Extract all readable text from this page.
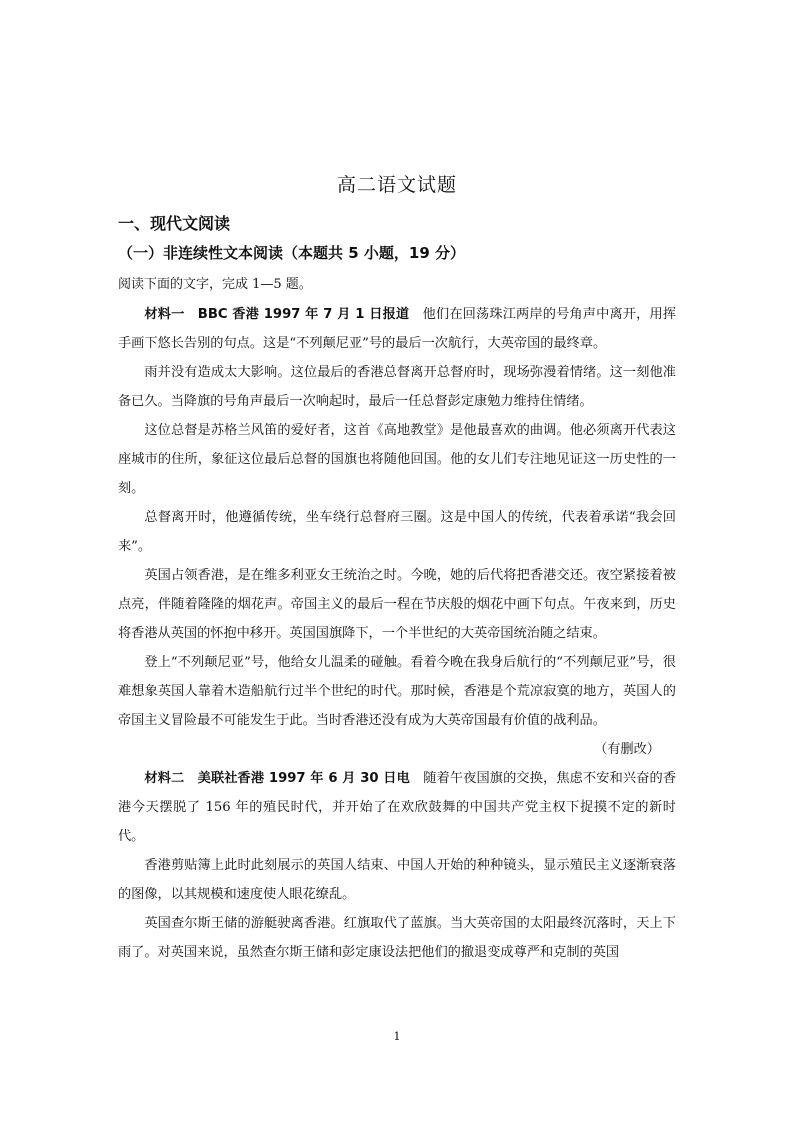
高二语文试题
一、现代文阅读
（一）非连续性文本阅读（本题共 5 小题，19 分）
阅读下面的文字，完成 1—5 题。

材料一　BBC 香港 1997 年 7 月 1 日报道　 他们在回荡珠江两岸的号角声中离开，用挥手画下悠长告别的句点。这是“不列颠尼亚”号的最后一次航行，大英帝国的最终章。

雨并没有造成太大影响。这位最后的香港总督离开总督府时，现场弥漫着情绪。这一刻他准备已久。当降旗的号角声最后一次响起时，最后一任总督彭定康勉力维持住情绪。

这位总督是苏格兰风笛的爱好者，这首《高地教堂》是他最喜欢的曲调。他必须离开代表这座城市的住所，象征这位最后总督的国旗也将随他回国。他的女儿们专注地见证这一历史性的一刻。

总督离开时，他遵循传统，坐车绕行总督府三圈。这是中国人的传统，代表着承诺“我会回来”。

英国占领香港，是在维多利亚女王统治之时。今晚，她的后代将把香港交还。夜空紧接着被点亮，伴随着隆隆的烟花声。帝国主义的最后一程在节庆般的烟花中画下句点。午夜来到，历史将香港从英国的怀抱中移开。英国国旗降下，一个半世纪的大英帝国统治随之结束。

登上“不列颠尼亚”号，他给女儿温柔的碰触。看着今晚在我身后航行的“不列颠尼亚”号，很难想象英国人靠着木造船航行过半个世纪的时代。那时候，香港是个荒凉寂寞的地方，英国人的帝国主义冒险最不可能发生于此。当时香港还没有成为大英帝国最有价值的战利品。
（有删改）

材料二　美联社香港 1997 年 6 月 30 日电　 随着午夜国旗的交换，焦虑不安和兴奋的香港今天摆脱了 156 年的殖民时代，并开始了在欢欣鼓舞的中国共产党主权下捉摸不定的新时代。

香港剪贴簿上此时此刻展示的英国人结束、中国人开始的种种镜头，显示殖民主义逐渐衰落的图像，以其规模和速度使人眼花缭乱。

英国查尔斯王储的游艇驶离香港。红旗取代了蓝旗。当大英帝国的太阳最终沉落时，天上下雨了。对英国来说，虽然查尔斯王储和彭定康设法把他们的撤退变成尊严和克制的英国

1
